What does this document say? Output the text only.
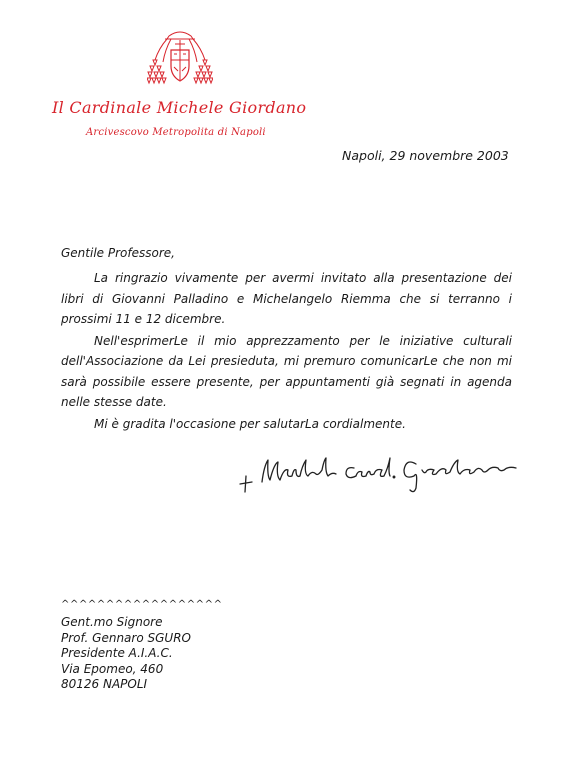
Il Cardinale Michele Giordano
Arcivescovo Metropolita di Napoli
Napoli, 29 novembre 2003
Gentile Professore,

La ringrazio vivamente per avermi invitato alla presentazione dei libri di Giovanni Palladino e Michelangelo Riemma che si terranno i prossimi 11 e 12 dicembre.

Nell'esprimerLe il mio apprezzamento per le iniziative culturali dell'Associazione da Lei presieduta, mi premuro comunicarLe che non mi sarà possibile essere presente, per appuntamenti già segnati in agenda nelle stesse date.

Mi è gradita l'occasione per salutarLa cordialmente.

^^^^^^^^^^^^^^^^^^
Gent.mo Signore
Prof. Gennaro SGURO
Presidente A.I.A.C.
Via Epomeo, 460
80126 NAPOLI
